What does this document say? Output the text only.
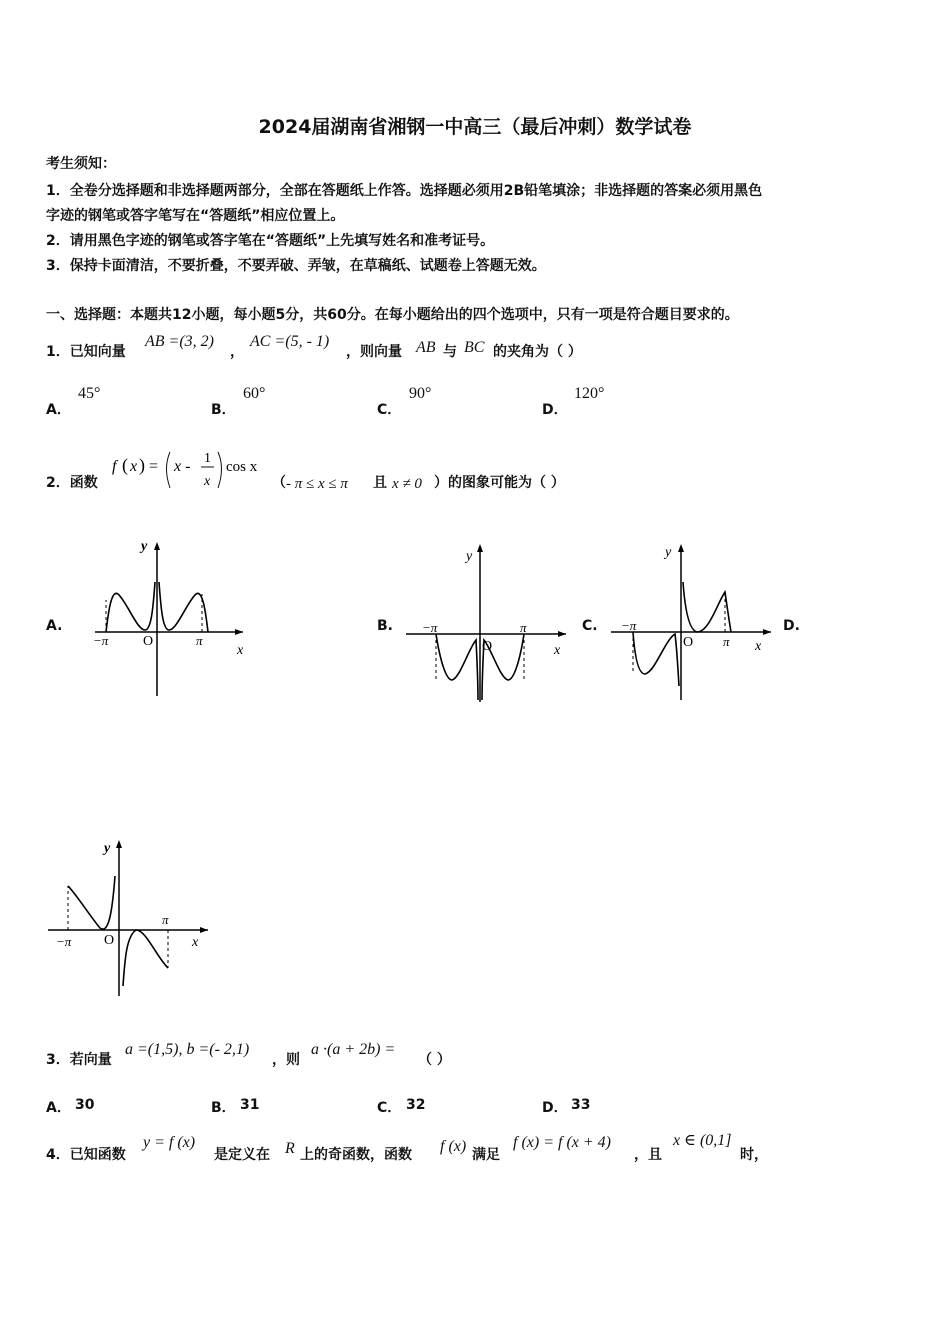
2024届湖南省湘钢一中高三（最后冲刺）数学试卷
考生须知：
1．全卷分选择题和非选择题两部分，全部在答题纸上作答。选择题必须用2B铅笔填涂；非选择题的答案必须用黑色
字迹的钢笔或答字笔写在“答题纸”相应位置上。
2．请用黑色字迹的钢笔或答字笔在“答题纸”上先填写姓名和准考证号。
3．保持卡面清洁，不要折叠，不要弄破、弄皱，在草稿纸、试题卷上答题无效。
一、选择题：本题共12小题，每小题5分，共60分。在每小题给出的四个选项中，只有一项是符合题目要求的。
1．已知向量
AB =(3, 2)
，
AC =(5, - 1)
，则向量 AB 与 BC 的夹角为（ ）
A．
45°
B．
60°
C．
90°
D．
120°
2．函数
f ( x ) = x - 1
x
cos x
（ - π ≤ x ≤ π 且 x ≠ 0 ）的图象可能为（ ）
A.	B.	C.	D.
y
x
O
−π	π
y
x
O
−π	π
y
x
O
−π
π
y
x
O
−π
π
3．若向量
a =(1,5), b =(- 2,1)
，则
a ·(a + 2b) =
（ ）
A． 30	B． 31	C． 32	D． 33
4．已知函数
y = f (x)
是定义在 R 上的奇函数，函数 f (x) 满足
f (x) = f (x + 4)
，且
x ∈ (0,1]
时，
